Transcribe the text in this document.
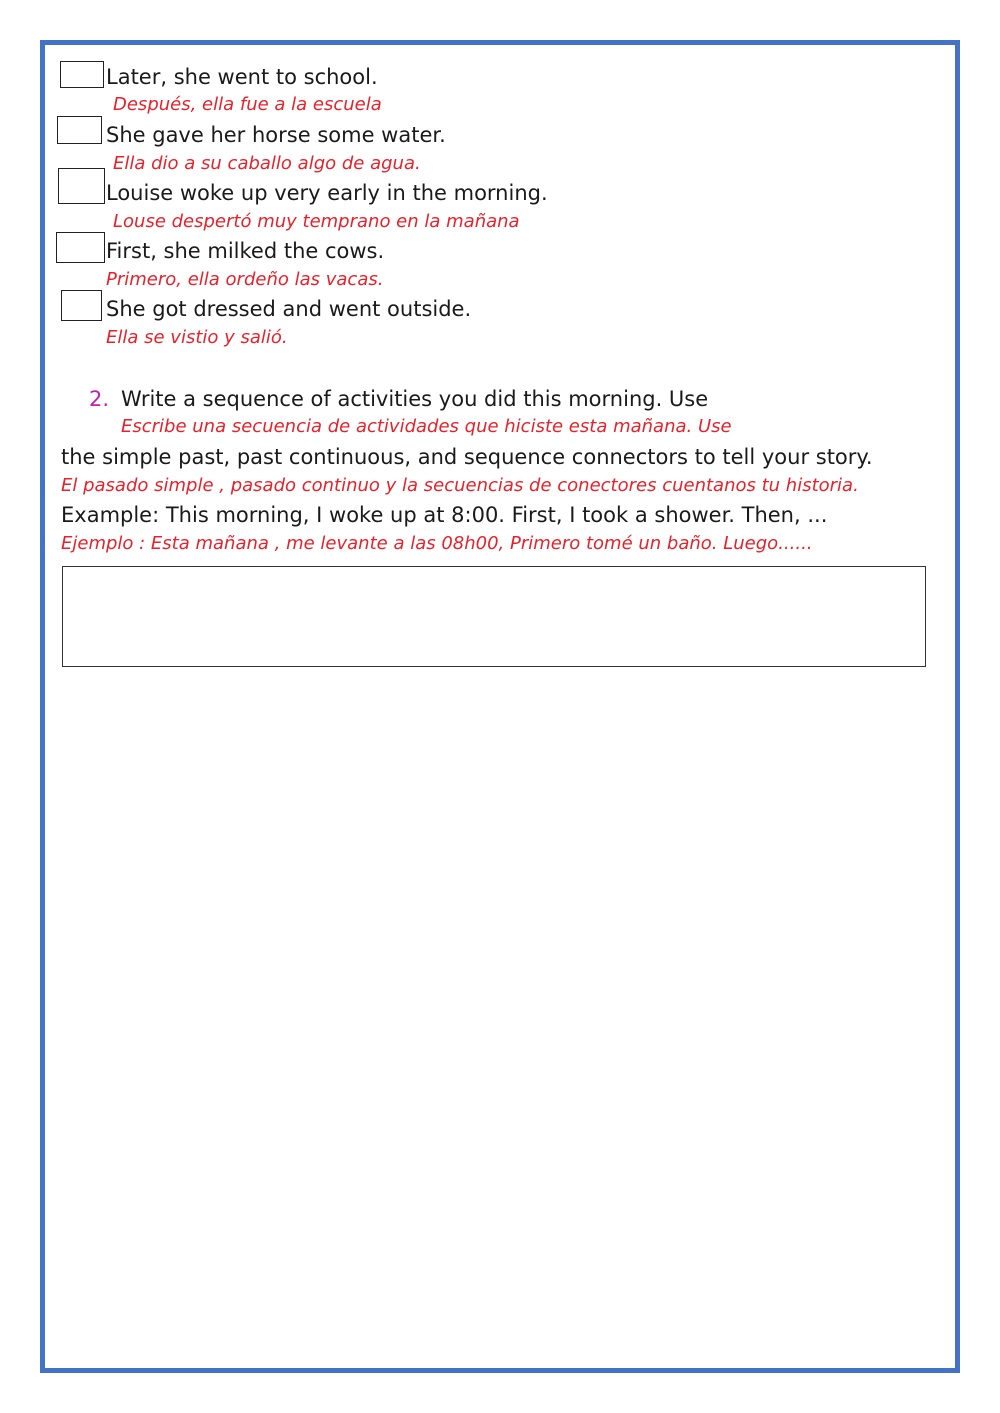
Later, she went to school.
Después, ella fue a la escuela
She gave her horse some water.
Ella dio a su caballo algo de agua.
Louise woke up very early in the morning.
Louse despertó muy temprano en la mañana
First, she milked the cows.
Primero, ella ordeño las vacas.
She got dressed and went outside.
Ella se vistio y salió.
2. Write a sequence of activities you did this morning. Use
Escribe una secuencia de actividades que hiciste esta mañana. Use
the simple past, past continuous, and sequence connectors to tell your story.
El pasado simple , pasado continuo y la secuencias de conectores cuentanos tu historia.
Example: This morning, I woke up at 8:00. First, I took a shower. Then, ...
Ejemplo : Esta mañana , me levante a las 08h00, Primero tomé un baño. Luego......
